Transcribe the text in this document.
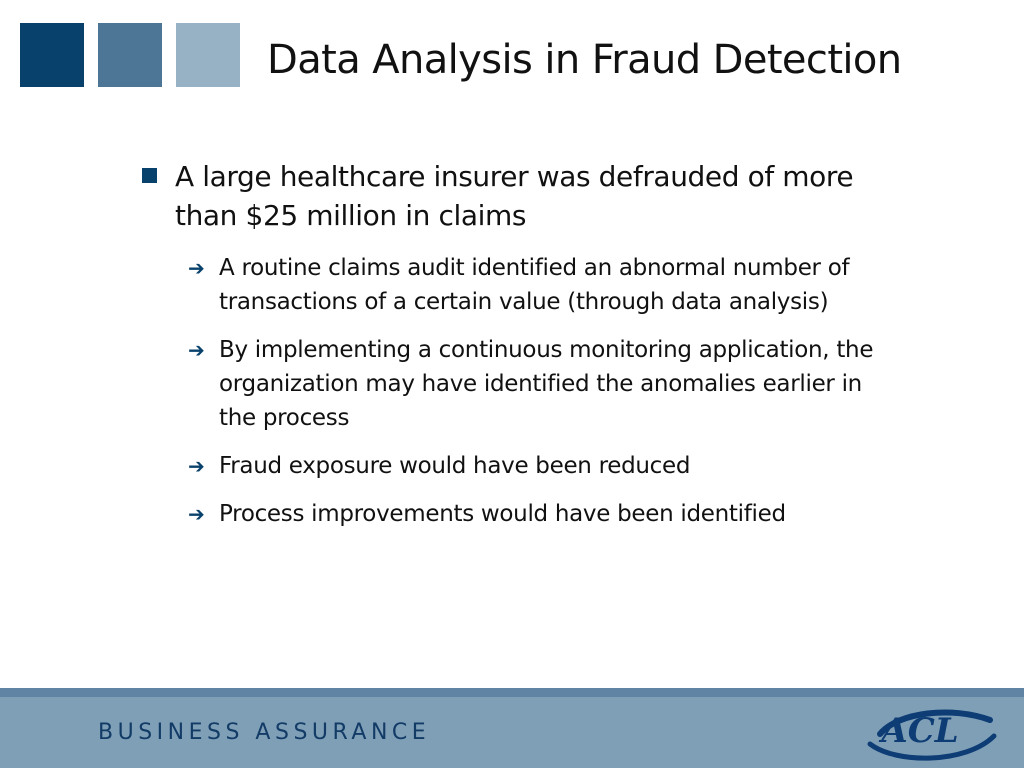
Data Analysis in Fraud Detection
A large healthcare insurer was defrauded of more than $25 million in claims
➔ A routine claims audit identified an abnormal number of transactions of a certain value (through data analysis)
➔ By implementing a continuous monitoring application, the organization may have identified the anomalies earlier in the process
➔ Fraud exposure would have been reduced
➔ Process improvements would have been identified
BUSINESS ASSURANCE	ACL
